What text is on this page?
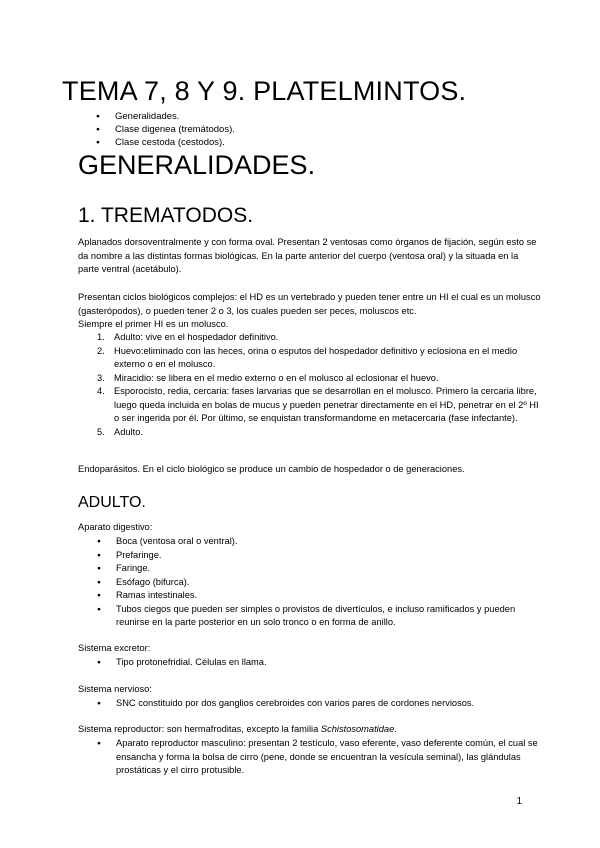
TEMA 7, 8 Y 9. PLATELMINTOS.
● Generalidades.
● Clase digenea (tremátodos).
● Clase cestoda (cestodos).
GENERALIDADES.
1. TREMATODOS.

Aplanados dorsoventralmente y con forma oval. Presentan 2 ventosas como órganos de fijación, según esto se da nombre a las distintas formas biológicas. En la parte anterior del cuerpo (ventosa oral) y la situada en la parte ventral (acetábulo).

Presentan ciclos biológicos complejos: el HD es un vertebrado y pueden tener entre un HI el cual es un molusco (gasterópodos), o pueden tener 2 o 3, los cuales pueden ser peces, moluscos etc.

Siempre el primer HI es un molusco.

1. Adulto: vive en el hospedador definitivo.
2. Huevo:eliminado con las heces, orina o esputos del hospedador definitivo y eclosiona en el medio externo o en el molusco.
3. Miracidio: se libera en el medio externo o en el molusco al eclosionar el huevo.
4. Esporocisto, redia, cercaria: fases larvarias que se desarrollan en el molusco. Primero la cercaria libre, luego queda incluida en bolas de mucus y pueden penetrar directamente en el HD, penetrar en el 2º HI o ser ingerida por él. Por último, se enquistan transformandome en metacercaria (fase infectante).
5. Adulto.

Endoparásitos. En el ciclo biológico se produce un cambio de hospedador o de generaciones.

ADULTO.
Aparato digestivo:
● Boca (ventosa oral o ventral).
● Prefaringe.
● Faringe.
● Esófago (bifurca).
● Ramas intestinales.
● Tubos ciegos que pueden ser simples o provistos de divertículos, e incluso ramificados y pueden reunirse en la parte posterior en un solo tronco o en forma de anillo.
Sistema excretor:
● Tipo protonefridial. Células en llama.
Sistema nervioso:
● SNC constituido por dos ganglios cerebroides con varios pares de cordones nerviosos.
Sistema reproductor: son hermafroditas, excepto la familia Schistosomatidae.
● Aparato reproductor masculino: presentan 2 testículo, vaso eferente, vaso deferente común, el cual se ensancha y forma la bolsa de cirro (pene, donde se encuentran la vesícula seminal), las glándulas prostáticas y el cirro protusible.
1
